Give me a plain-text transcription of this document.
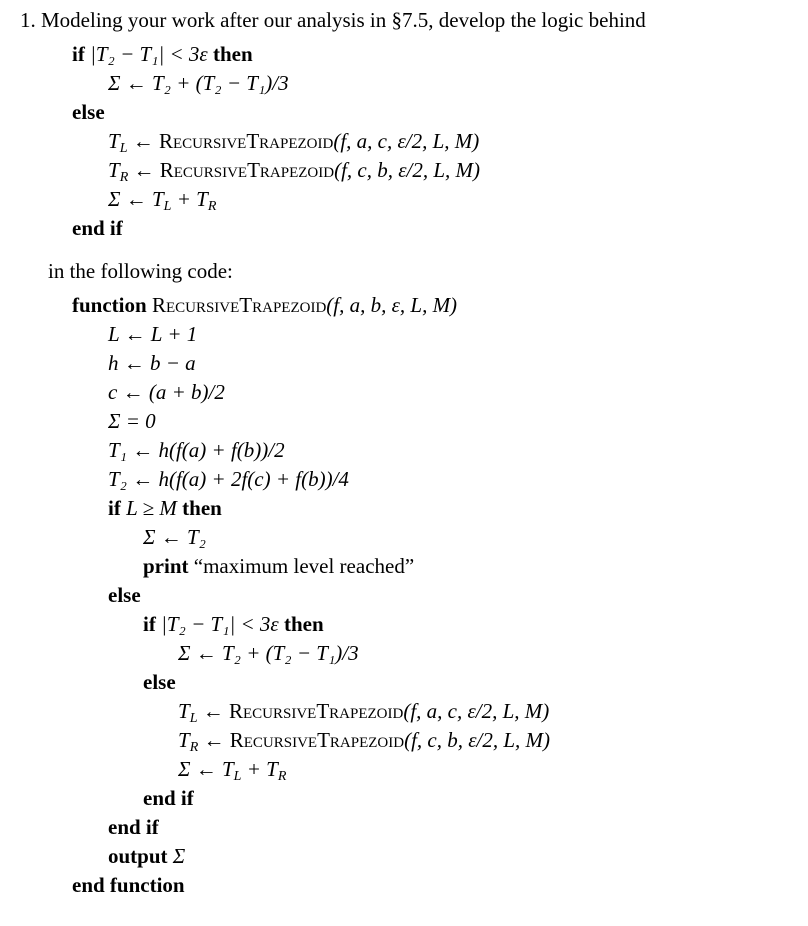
1. Modeling your work after our analysis in §7.5, develop the logic behind
if |T₂ − T₁| < 3ε then
Σ ← T₂ + (T₂ − T₁)/3
else
$T_L$ ← RecursiveTrapezoid(f, a, c, ε/2, L, M)
$T_R$ ← RecursiveTrapezoid(f, c, b, ε/2, L, M)
Σ ← $T_L + T_R$
end if
in the following code:
function RecursiveTrapezoid(f, a, b, ε, L, M)
L ← L + 1
h ← b − a
c ← (a + b)/2
Σ = 0
T₁ ← h(f(a) + f(b))/2
T₂ ← h(f(a) + 2f(c) + f(b))/4
if L ≥ M then
Σ ← T₂
print “maximum level reached”
else
if |T₂ − T₁| < 3ε then
Σ ← T₂ + (T₂ − T₁)/3
else
$T_L$ ← RecursiveTrapezoid(f, a, c, ε/2, L, M)
$T_R$ ← RecursiveTrapezoid(f, c, b, ε/2, L, M)
Σ ← $T_L + T_R$
end if
end if
output Σ
end function
